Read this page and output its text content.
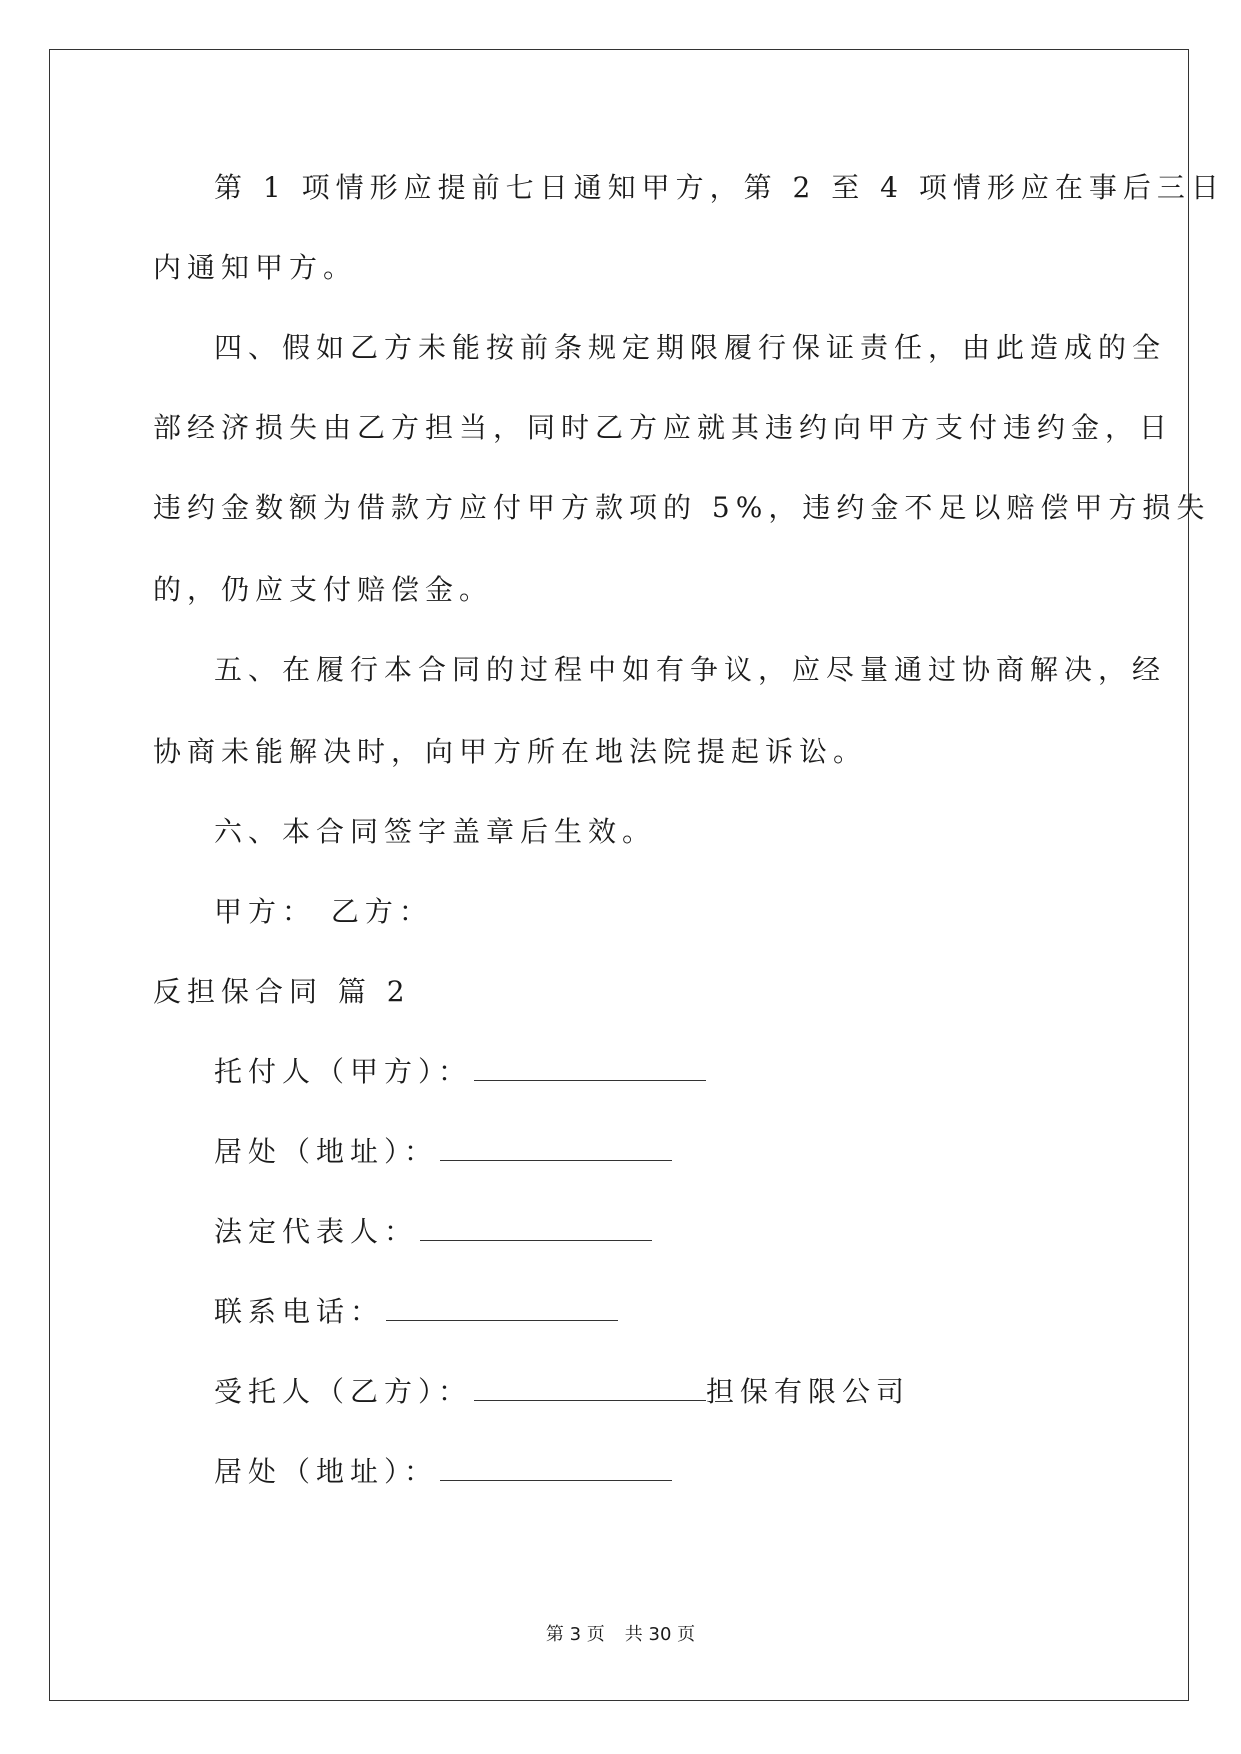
第 1 项情形应提前七日通知甲方，第 2 至 4 项情形应在事后三日
内通知甲方。
四、假如乙方未能按前条规定期限履行保证责任，由此造成的全
部经济损失由乙方担当，同时乙方应就其违约向甲方支付违约金，日
违约金数额为借款方应付甲方款项的 5%，违约金不足以赔偿甲方损失
的，仍应支付赔偿金。
五、在履行本合同的过程中如有争议，应尽量通过协商解决，经
协商未能解决时，向甲方所在地法院提起诉讼。
六、本合同签字盖章后生效。
甲方： 乙方：
反担保合同 篇 2
托付人（甲方）：
居处（地址）：
法定代表人：
联系电话：
受托人（乙方）：	担保有限公司
居处（地址）：
第 3 页 共 30 页
